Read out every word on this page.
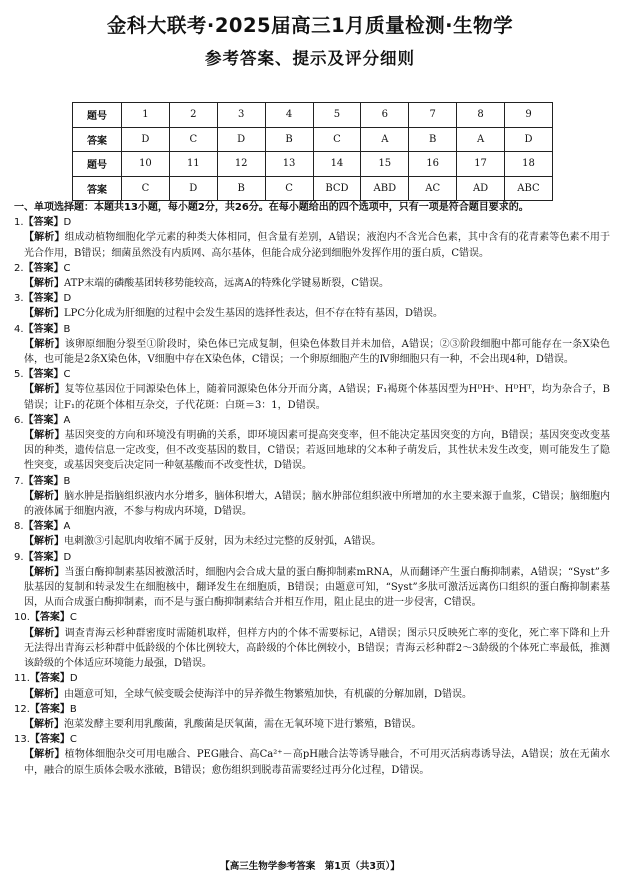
金科大联考·2025届高三1月质量检测·生物学
参考答案、提示及评分细则
题号	1	2	3	4	5	6	7	8	9
答案	D	C	D	B	C	A	B	A	D
题号	10	11	12	13	14	15	16	17	18
答案	C	D	B	C	BCD	ABD	AC	AD	ABC
一、单项选择题：本题共13小题，每小题2分，共26分。在每小题给出的四个选项中，只有一项是符合题目要求的。
1.【答案】D
【解析】组成动植物细胞化学元素的种类大体相同，但含量有差别，A错误；液泡内不含光合色素，其中含有的花青素等色素不用于光合作用，B错误；细菌虽然没有内质网、高尔基体，但能合成分泌到细胞外发挥作用的蛋白质，C错误。
2.【答案】C
【解析】ATP末端的磷酸基团转移势能较高，远离A的特殊化学键易断裂，C错误。
3.【答案】D
【解析】LPC分化成为肝细胞的过程中会发生基因的选择性表达，但不存在特有基因，D错误。
4.【答案】B
【解析】该卵原细胞分裂至①阶段时，染色体已完成复制，但染色体数目并未加倍，A错误；②③阶段细胞中都可能存在一条X染色体，也可能是2条X染色体，Ⅴ细胞中存在X染色体，C错误；一个卵原细胞产生的Ⅳ卵细胞只有一种，不会出现4种，D错误。
5.【答案】C
【解析】复等位基因位于同源染色体上，随着同源染色体分开而分离，A错误；F₁褐斑个体基因型为HᴰHˢ、HᴰHᵀ，均为杂合子，B错误；让F₁的花斑个体相互杂交，子代花斑：白斑＝3：1，D错误。
6.【答案】A
【解析】基因突变的方向和环境没有明确的关系，即环境因素可提高突变率，但不能决定基因突变的方向，B错误；基因突变改变基因的种类，遗传信息一定改变，但不改变基因的数目，C错误；若返回地球的父本种子萌发后，其性状未发生改变，则可能发生了隐性突变，或基因突变后决定同一种氨基酸而不改变性状，D错误。
7.【答案】B
【解析】脑水肿是指脑组织液内水分增多，脑体积增大，A错误；脑水肿部位组织液中所增加的水主要来源于血浆，C错误；脑细胞内的液体属于细胞内液，不参与构成内环境，D错误。
8.【答案】A
【解析】电刺激③引起肌肉收缩不属于反射，因为未经过完整的反射弧，A错误。
9.【答案】D
【解析】当蛋白酶抑制素基因被激活时，细胞内会合成大量的蛋白酶抑制素mRNA，从而翻译产生蛋白酶抑制素，A错误；“Syst”多肽基因的复制和转录发生在细胞核中，翻译发生在细胞质，B错误；由题意可知，“Syst”多肽可激活远离伤口组织的蛋白酶抑制素基因，从而合成蛋白酶抑制素，而不是与蛋白酶抑制素结合并相互作用，阻止昆虫的进一步侵害，C错误。
10.【答案】C
【解析】调查青海云杉种群密度时需随机取样，但样方内的个体不需要标记，A错误；图示只反映死亡率的变化，死亡率下降和上升无法得出青海云杉种群中低龄级的个体比例较大，高龄级的个体比例较小，B错误；青海云杉种群2～3龄级的个体死亡率最低，推测该龄级的个体适应环境能力最强，D错误。
11.【答案】D
【解析】由题意可知，全球气候变暖会使海洋中的异养微生物繁殖加快，有机碳的分解加剧，D错误。
12.【答案】B
【解析】泡菜发酵主要利用乳酸菌，乳酸菌是厌氧菌，需在无氧环境下进行繁殖，B错误。
13.【答案】C
【解析】植物体细胞杂交可用电融合、PEG融合、高Ca²⁺－高pH融合法等诱导融合，不可用灭活病毒诱导法，A错误；放在无菌水中，融合的原生质体会吸水涨破，B错误；愈伤组织到脱毒苗需要经过再分化过程，D错误。
【高三生物学参考答案　第1页（共3页）】
